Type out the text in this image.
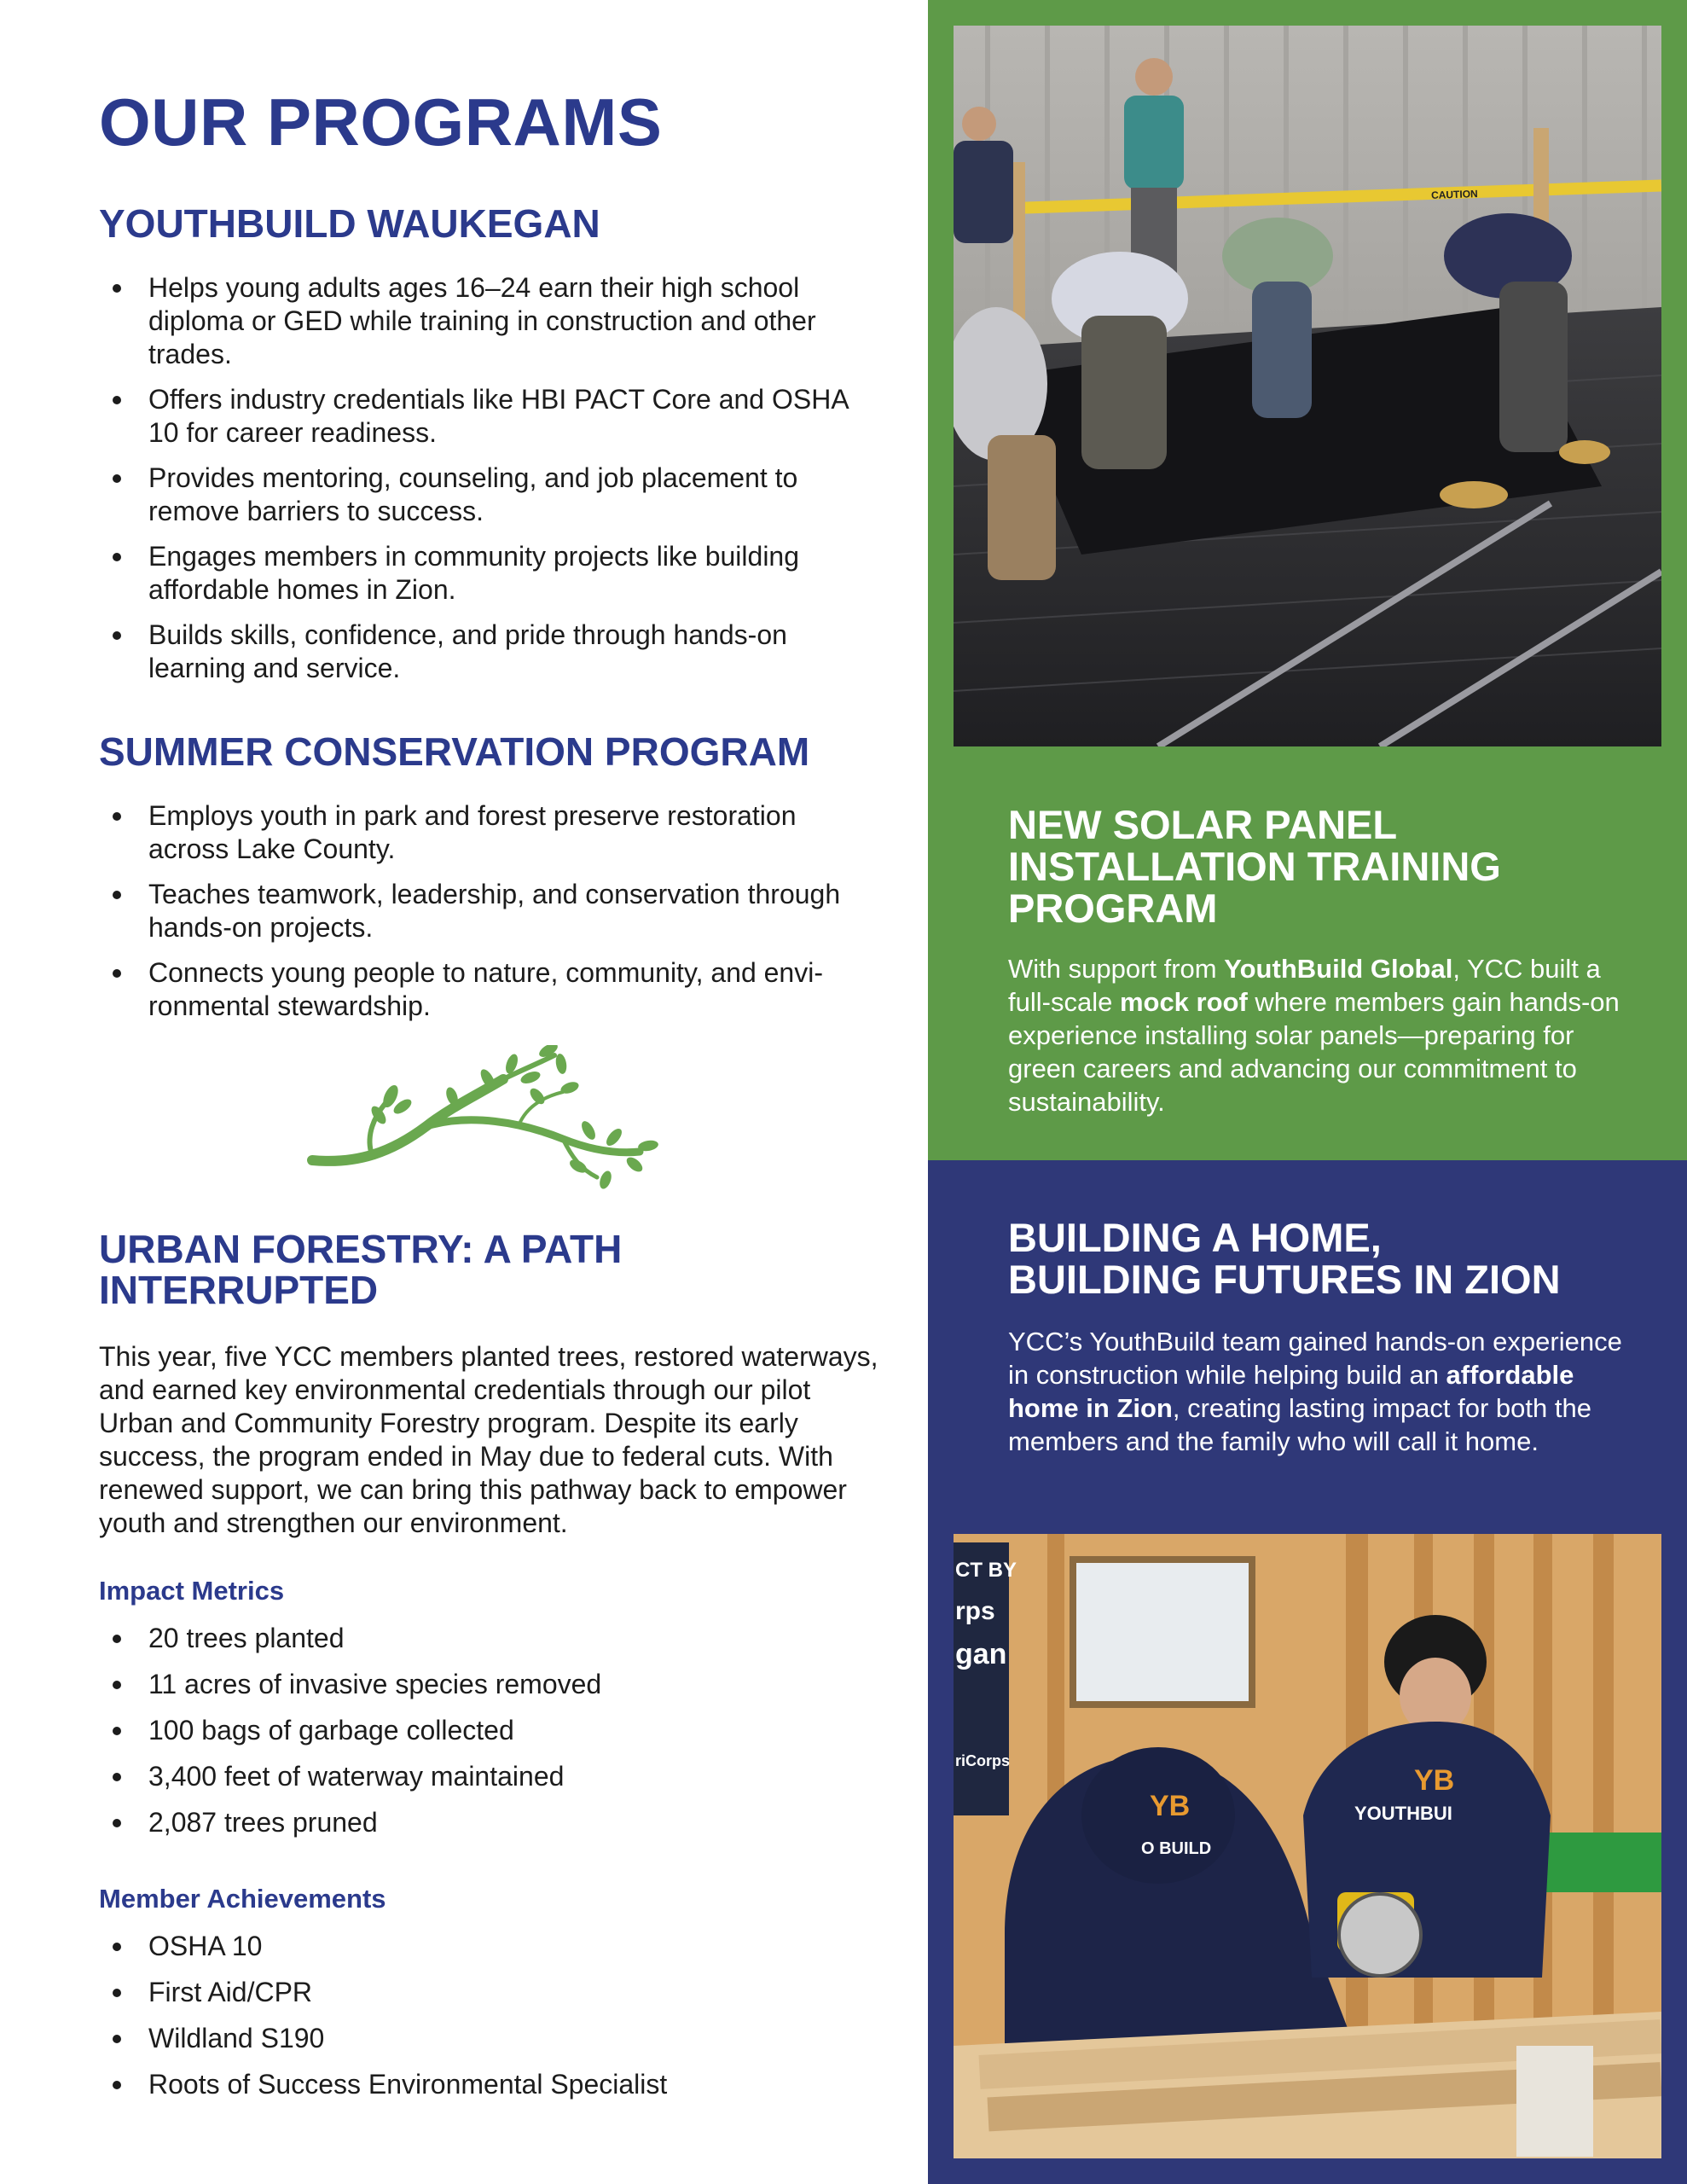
OUR PROGRAMS
YOUTHBUILD WAUKEGAN
Helps young adults ages 16–24 earn their high school diploma or GED while training in construction and other trades.
Offers industry credentials like HBI PACT Core and OSHA 10 for career readiness.
Provides mentoring, counseling, and job placement to remove barriers to success.
Engages members in community projects like building affordable homes in Zion.
Builds skills, confidence, and pride through hands-on learning and service.
SUMMER CONSERVATION PROGRAM
Employs youth in park and forest preserve restoration across Lake County.
Teaches teamwork, leadership, and conservation through hands-on projects.
Connects young people to nature, community, and envi-ronmental stewardship.
URBAN FORESTRY: A PATH
INTERRUPTED

This year, five YCC members planted trees, restored waterways, and earned key environmental credentials through our pilot Urban and Community Forestry program. Despite its early success, the program ended in May due to federal cuts. With renewed support, we can bring this pathway back to empower youth and strengthen our environment.

Impact Metrics

20 trees planted
11 acres of invasive species removed
100 bags of garbage collected
3,400 feet of waterway maintained
2,087 trees pruned

Member Achievements

OSHA 10
First Aid/CPR
Wildland S190
Roots of Success Environmental Specialist
CAUTION
NEW SOLAR PANEL
INSTALLATION TRAINING
PROGRAM

With support from YouthBuild Global, YCC built a full-scale mock roof where members gain hands-on experience installing solar panels—preparing for green careers and advancing our commitment to sustainability.

BUILDING A HOME,
BUILDING FUTURES IN ZION

YCC’s YouthBuild team gained hands-on experience in construction while helping build an affordable home in Zion, creating lasting impact for both the members and the family who will call it home.

CT BY
rps
gan
riCorps
YB
O BUILD
YB
YOUTHBUI
